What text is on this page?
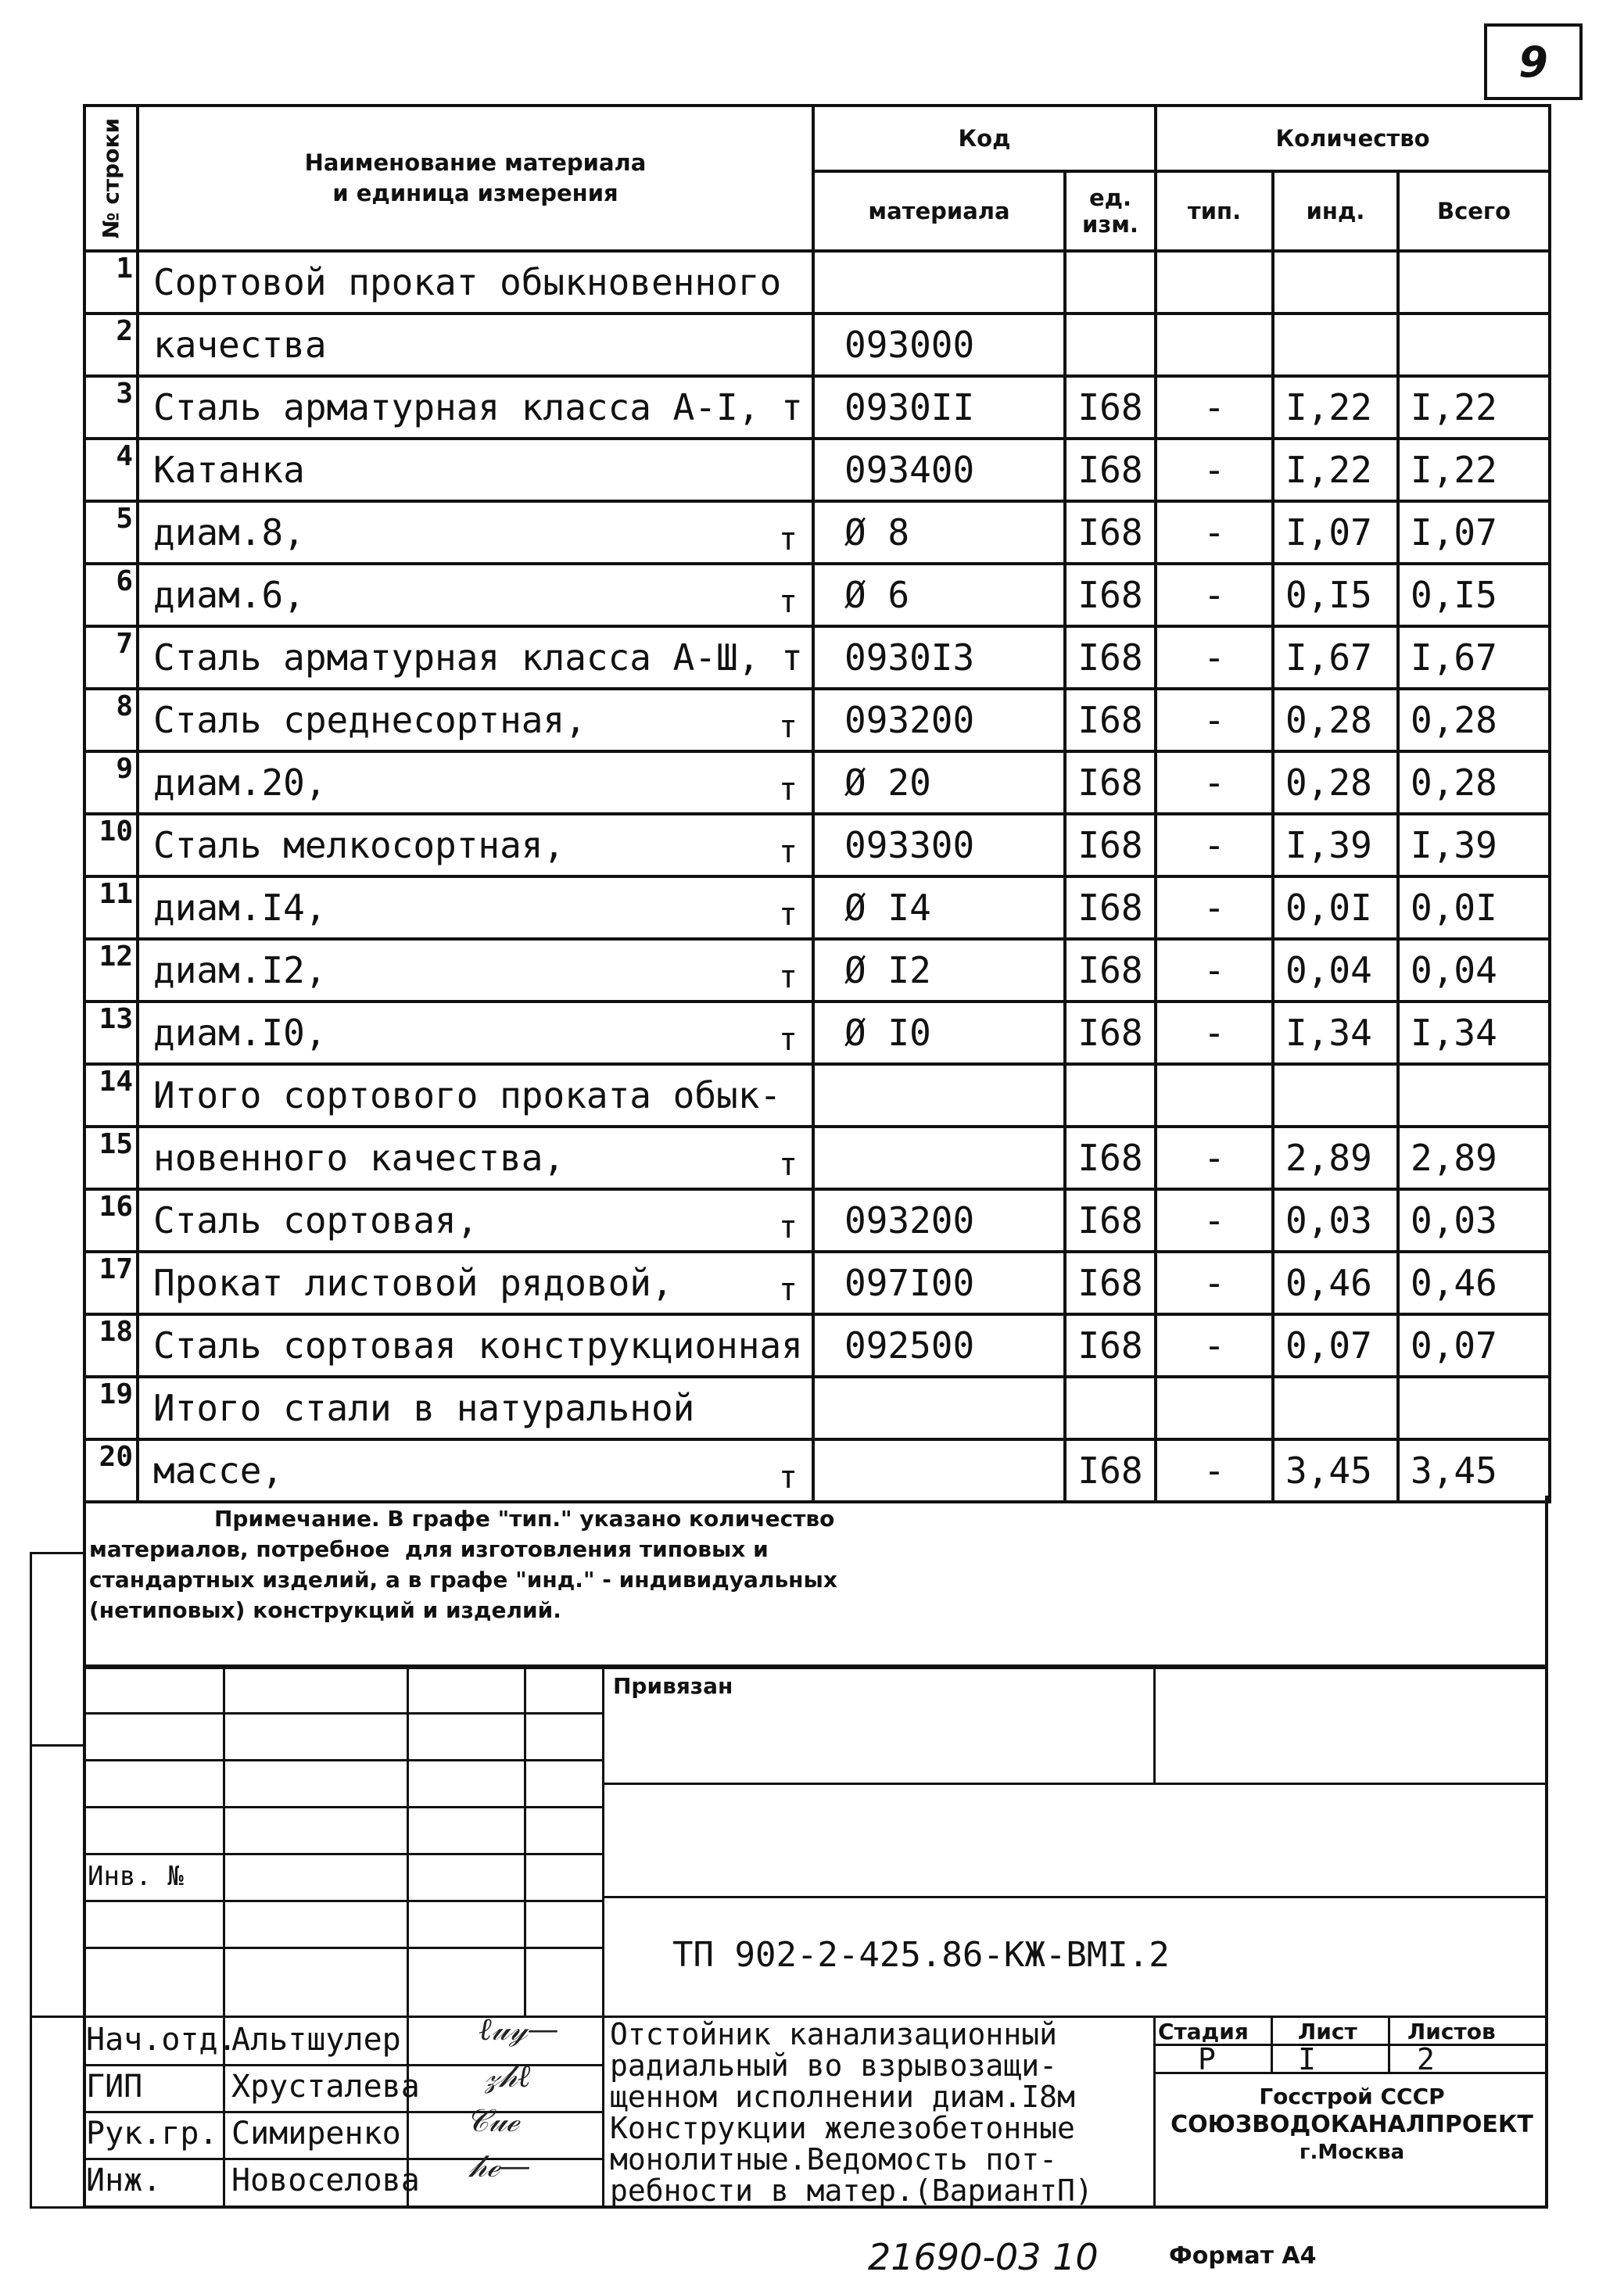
9
№ строки	Наименование материала
и единица измерения	Код		Количество		
		материала	ед. изм.	тип.	инд.	Всего
1	Сортовой прокат обыкновенного					
2	качества	093000				
3	Сталь арматурная класса А-I, т	0930II	I68	-	I,22	I,22
4	Катанка	093400	I68	-	I,22	I,22
5	диам.8, т	Ø 8	I68	-	I,07	I,07
6	диам.6, т	Ø 6	I68	-	0,I5	0,I5
7	Сталь арматурная класса А-Ш, т	0930I3	I68	-	I,67	I,67
8	Сталь среднесортная, т	093200	I68	-	0,28	0,28
9	диам.20, т	Ø 20	I68	-	0,28	0,28
10	Сталь мелкосортная, т	093300	I68	-	I,39	I,39
11	диам.I4, т	Ø I4	I68	-	0,0I	0,0I
12	диам.I2, т	Ø I2	I68	-	0,04	0,04
13	диам.I0, т	Ø I0	I68	-	I,34	I,34
14	Итого сортового проката обык-					
15	новенного качества, т		I68	-	2,89	2,89
16	Сталь сортовая, т	093200	I68	-	0,03	0,03
17	Прокат листовой рядовой, т	097I00	I68	-	0,46	0,46
18	Сталь сортовая конструкционная	092500	I68	-	0,07	0,07
19	Итого стали в натуральной					
20	массе, т		I68	-	3,45	3,45
Примечание. В графе "тип." указано количество
материалов, потребное  для изготовления типовых и
стандартных изделий, а в графе "инд." - индивидуальных
(нетиповых) конструкций и изделий.
Привязан
Инв. №
ТП 902-2-425.86-КЖ-ВМI.2
Нач.отд.
Альтшулер
ГИП	Хрусталева
Рук.гр. Симиренко
Инж. Новоселова
Отстойник канализационный
радиальный во взрывозащи-
щенном исполнении диам.I8м
Конструкции железобетонные
монолитные.Ведомость пот-
ребности в матер.(ВариантП)
Стадия Лист Листов
Р	I	2
Госстрой СССР
СОЮЗВОДОКАНАЛПРОЕКТ
г.Москва
ℓ𝓊𝓎—
𝓏𝒽ℓ
𝒞𝓊ℯ
𝒽ℯ—
21690-03 10	Формат А4
